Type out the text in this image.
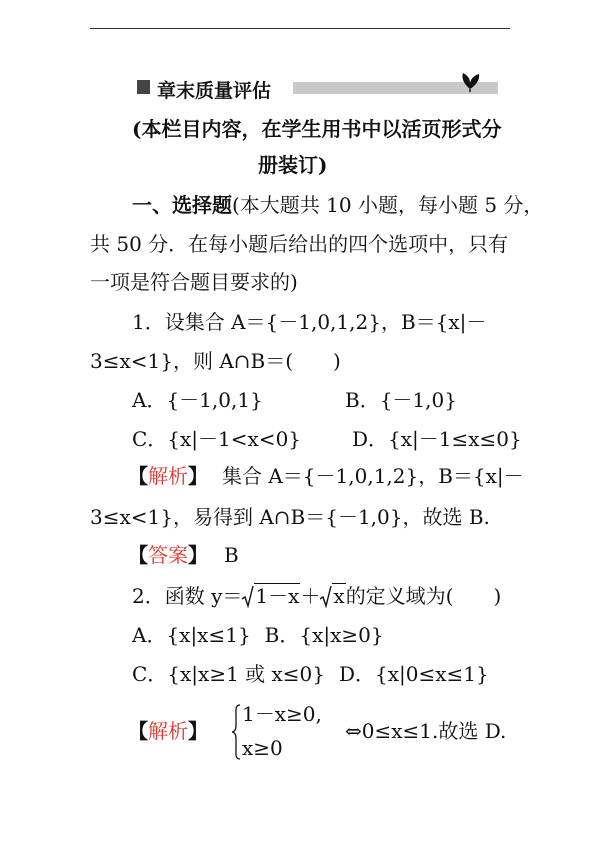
章末质量评估
(本栏目内容，在学生用书中以活页形式分
册装订)
一、选择题(本大题共 10 小题，每小题 5 分，
共 50 分．在每小题后给出的四个选项中，只有
一项是符合题目要求的)
1．设集合 A＝{－1,0,1,2}，B＝{x|－
3≤x<1}，则 A∩B＝(　　)
A．{－1,0,1}	B．{－1,0}
C．{x|－1<x<0}	D．{x|－1≤x≤0}
【解析】 集合 A＝{－1,0,1,2}，B＝{x|－
3≤x<1}，易得到 A∩B＝{－1,0}，故选 B.
【答案】 B
2．函数 y＝ 1－x＋ x的定义域为(　　)
A．{x|x≤1} B．{x|x≥0}
C．{x|x≥1 或 x≤0} D．{x|0≤x≤1}
【解析】
1－x≥0,
x≥0
⇔0≤x≤1.故选 D.
